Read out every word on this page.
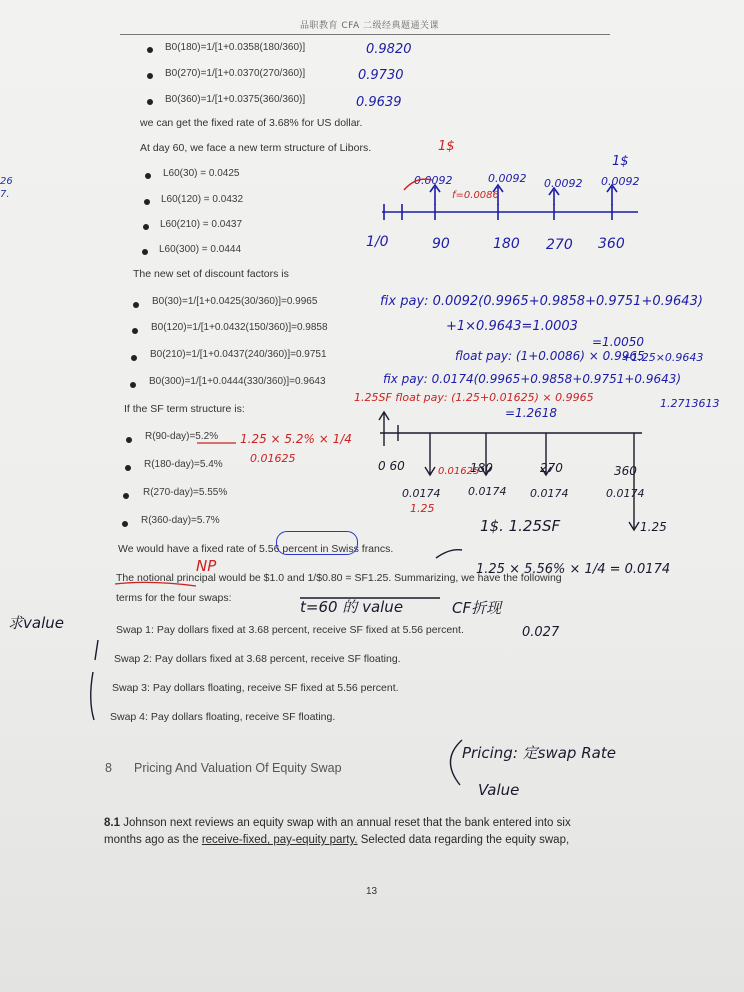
品职教育 CFA 二级经典题通关课
B0(180)=1/[1+0.0358(180/360)]
B0(270)=1/[1+0.0370(270/360)]
B0(360)=1/[1+0.0375(360/360)]
we can get the fixed rate of 3.68% for US dollar.
At day 60, we face a new term structure of Libors.
L60(30) = 0.0425
L60(120) = 0.0432
L60(210) = 0.0437
L60(300) = 0.0444
The new set of discount factors is
B0(30)=1/[1+0.0425(30/360)]=0.9965
B0(120)=1/[1+0.0432(150/360)]=0.9858
B0(210)=1/[1+0.0437(240/360)]=0.9751
B0(300)=1/[1+0.0444(330/360)]=0.9643
If the SF term structure is:
R(90-day)=5.2%
R(180-day)=5.4%
R(270-day)=5.55%
R(360-day)=5.7%
We would have a fixed rate of 5.56 percent in Swiss francs.
The notional principal would be $1.0 and 1/$0.80 = SF1.25. Summarizing, we have the following
terms for the four swaps:
Swap 1: Pay dollars fixed at 3.68 percent, receive SF fixed at 5.56 percent.
Swap 2: Pay dollars fixed at 3.68 percent, receive SF floating.
Swap 3: Pay dollars floating, receive SF fixed at 5.56 percent.
Swap 4: Pay dollars floating, receive SF floating.
8 Pricing And Valuation Of Equity Swap
8.1 Johnson next reviews an equity swap with an annual reset that the bank entered into six
months ago as the receive-fixed, pay-equity party. Selected data regarding the equity swap,
13
0.9820
0.9730
0.9639
26
7.
求value
1/0	90	180 270 360
0.0092	0.0092 0.0092 0.0092
1$
1$
f=0.0086
fix pay: 0.0092(0.9965+0.9858+0.9751+0.9643)
+1×0.9643=1.0003
=1.0050
float pay: (1+0.0086) × 0.9965
fix pay: 0.0174(0.9965+0.9858+0.9751+0.9643)
+1.25×0.9643
1.2713613
=1.2618
1.25SF float pay: (1.25+0.01625) × 0.9965
1.25 × 5.2% × 1/4
0.01625
0 60	180	270	360
0.0174	0.0174 0.0174	0.0174
1.25
1$. 1.25SF
1.25 × 5.56% × 1/4 = 0.0174
0.01625
1.25
NP
t=60 的 value	CF折现
0.027
Pricing: 定swap Rate
Value
